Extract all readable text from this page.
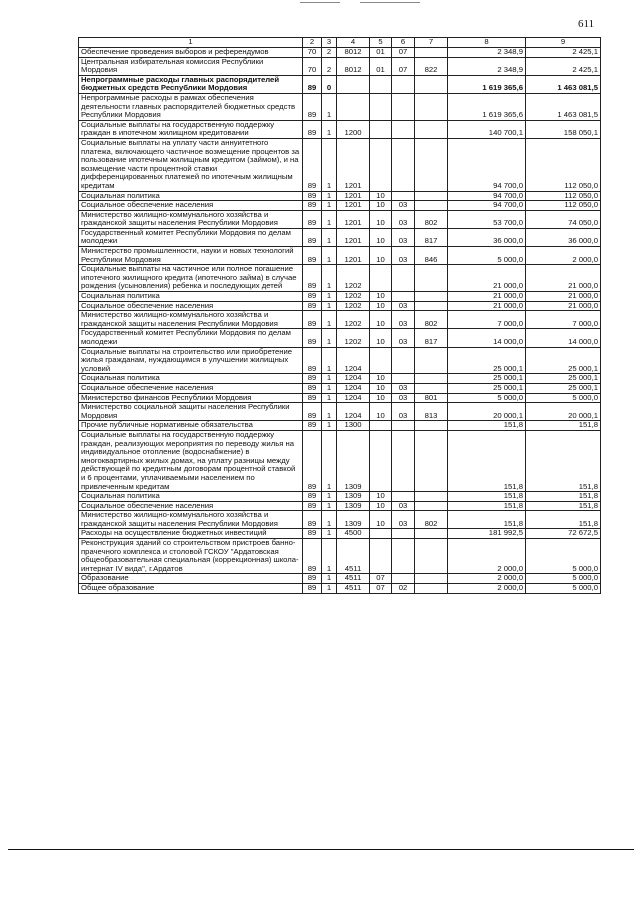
611
1	2	3	4	5	6	7	8	9
Обеспечение проведения выборов и референдумов	70	2	8012	01	07		2 348,9	2 425,1
Центральная избирательная комиссия Республики Мордовия	70	2	8012	01	07	822	2 348,9	2 425,1
Непрограммные расходы главных распорядителей бюджетных средств Республики Мордовия	89	0					1 619 365,6	1 463 081,5
Непрограммные расходы в рамках обеспечения деятельности главных распорядителей бюджетных средств Республики Мордовия	89	1					1 619 365,6	1 463 081,5
Социальные выплаты на государственную поддержку граждан в ипотечном жилищном кредитовании	89	1	1200				140 700,1	158 050,1
Социальные выплаты на уплату части аннуитетного платежа, включающего частичное возмещение процентов за пользование ипотечным жилищным кредитом (займом), и на возмещение части процентной ставки дифференцированных платежей по ипотечным жилищным кредитам	89	1	1201				94 700,0	112 050,0
Социальная политика	89	1	1201	10			94 700,0	112 050,0
Социальное обеспечение населения	89	1	1201	10	03		94 700,0	112 050,0
Министерство жилищно-коммунального хозяйства и гражданской защиты населения Республики Мордовия	89	1	1201	10	03	802	53 700,0	74 050,0
Государственный комитет Республики Мордовия по делам молодежи	89	1	1201	10	03	817	36 000,0	36 000,0
Министерство промышленности, науки и новых технологий Республики Мордовия	89	1	1201	10	03	846	5 000,0	2 000,0
Социальные выплаты на частичное или полное погашение ипотечного жилищного кредита (ипотечного займа) в случае рождения (усыновления) ребенка и последующих детей	89	1	1202				21 000,0	21 000,0
Социальная политика	89	1	1202	10			21 000,0	21 000,0
Социальное обеспечение населения	89	1	1202	10	03		21 000,0	21 000,0
Министерство жилищно-коммунального хозяйства и гражданской защиты населения Республики Мордовия	89	1	1202	10	03	802	7 000,0	7 000,0
Государственный комитет Республики Мордовия по делам молодежи	89	1	1202	10	03	817	14 000,0	14 000,0
Социальные выплаты на строительство или приобретение жилья гражданам, нуждающимся в улучшении жилищных условий	89	1	1204				25 000,1	25 000,1
Социальная политика	89	1	1204	10			25 000,1	25 000,1
Социальное обеспечение населения	89	1	1204	10	03		25 000,1	25 000,1
Министерство финансов Республики Мордовия	89	1	1204	10	03	801	5 000,0	5 000,0
Министерство социальной защиты населения Республики Мордовия	89	1	1204	10	03	813	20 000,1	20 000,1
Прочие публичные нормативные обязательства	89	1	1300				151,8	151,8
Социальные выплаты на государственную поддержку граждан, реализующих мероприятия по переводу жилья на индивидуальное отопление (водоснабжение) в многоквартирных жилых домах, на уплату разницы между действующей по кредитным договорам процентной ставкой и 6 процентами, уплачиваемыми населением по привлеченным кредитам	89	1	1309				151,8	151,8
Социальная политика	89	1	1309	10			151,8	151,8
Социальное обеспечение населения	89	1	1309	10	03		151,8	151,8
Министерство жилищно-коммунального хозяйства и гражданской защиты населения Республики Мордовия	89	1	1309	10	03	802	151,8	151,8
Расходы на осуществление бюджетных инвестиций	89	1	4500				181 992,5	72 672,5
Реконструкция зданий со строительством пристроев банно-прачечного комплекса и столовой ГСКОУ "Ардатовская общеобразовательная специальная (коррекционная) школа-интернат IV вида", г.Ардатов	89	1	4511				2 000,0	5 000,0
Образование	89	1	4511	07			2 000,0	5 000,0
Общее образование	89	1	4511	07	02		2 000,0	5 000,0
